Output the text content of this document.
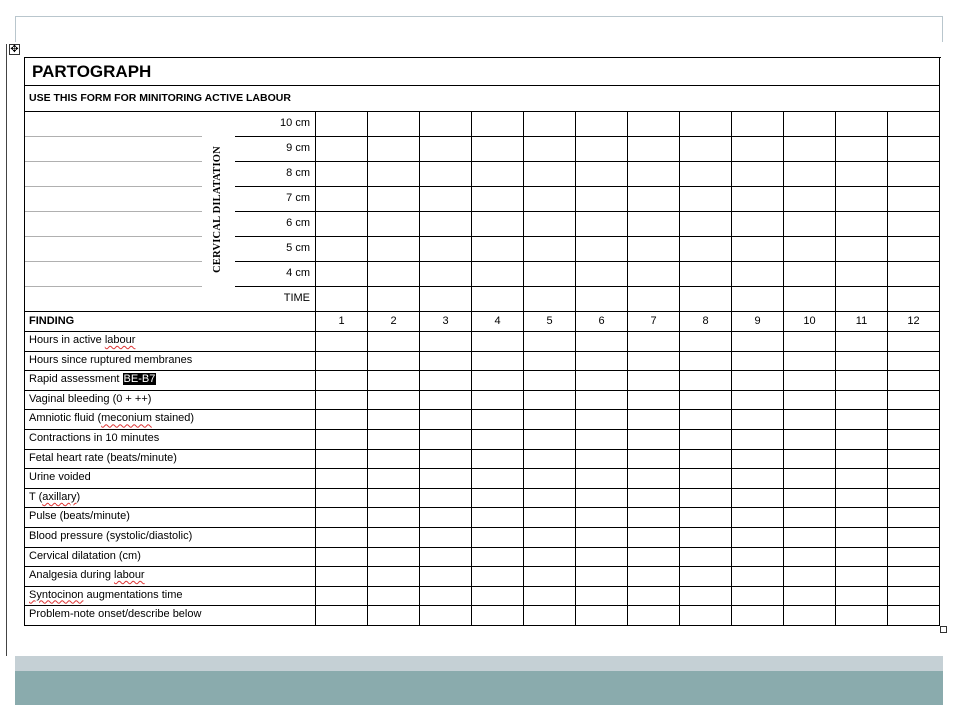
✥
PARTOGRAPH
USE THIS FORM FOR MINITORING ACTIVE LABOUR
CERVICAL DILATATION
10 cm
9 cm
8 cm
7 cm
6 cm
5 cm
4 cm
TIME
FINDING	1	2	3	4	5	6	7	8	9	10	11	12
Hours in active labour
Hours since ruptured membranes
Rapid assessment BE-B7
Vaginal bleeding (0 + ++)
Amniotic fluid (meconium stained)
Contractions in 10 minutes
Fetal heart rate (beats/minute)
Urine voided
T (axillary)
Pulse (beats/minute)
Blood pressure (systolic/diastolic)
Cervical dilatation (cm)
Analgesia during labour
Syntocinon augmentations time
Problem-note onset/describe below
